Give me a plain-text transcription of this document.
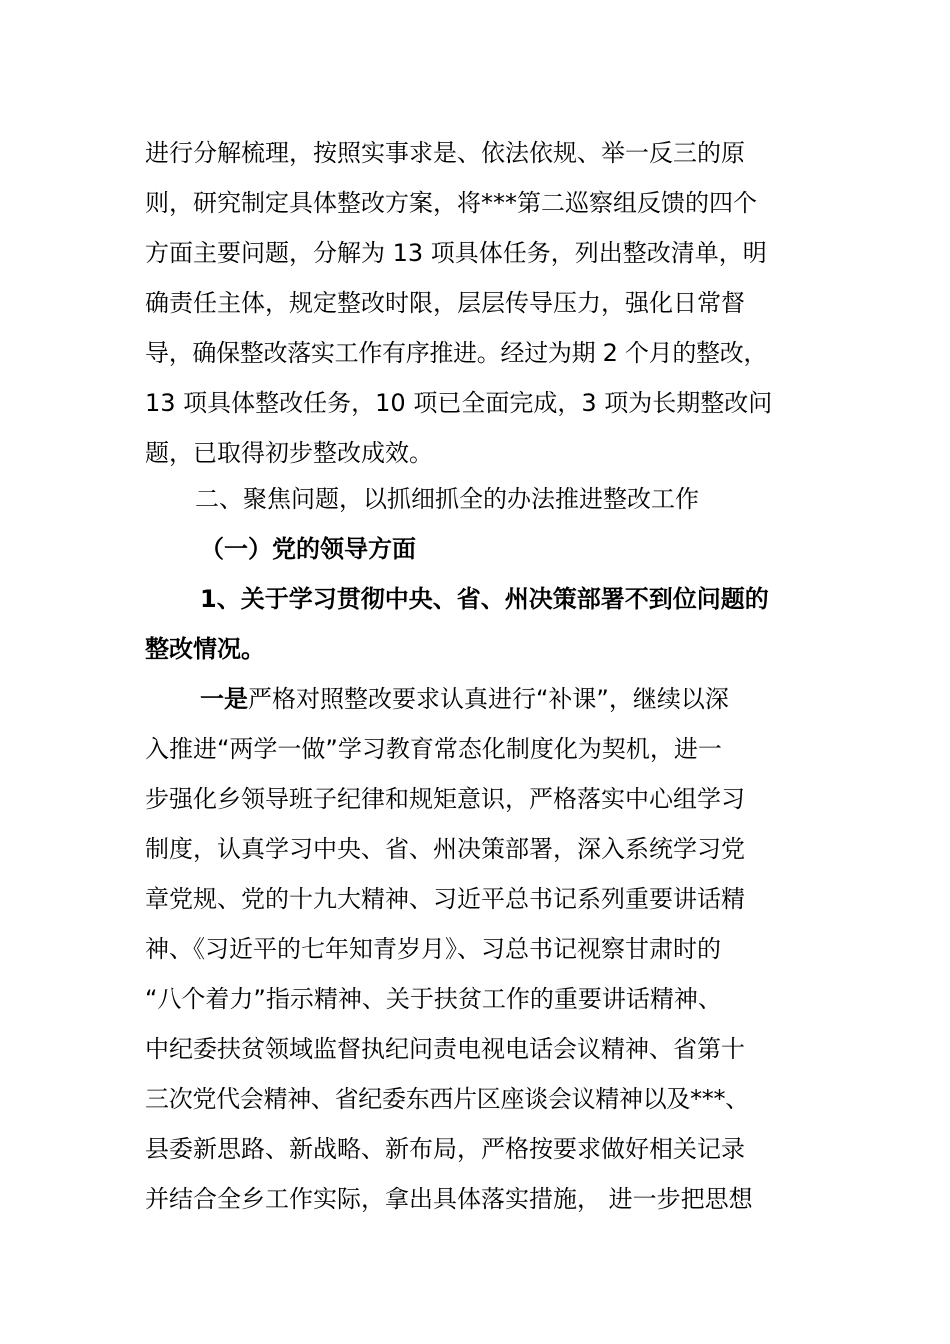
进行分解梳理，按照实事求是、依法依规、举一反三的原
则，研究制定具体整改方案，将***第二巡察组反馈的四个
方面主要问题，分解为 13 项具体任务，列出整改清单，明
确责任主体，规定整改时限，层层传导压力，强化日常督
导，确保整改落实工作有序推进。经过为期 2 个月的整改，
13 项具体整改任务，10 项已全面完成，3 项为长期整改问
题，已取得初步整改成效。
二、聚焦问题，以抓细抓全的办法推进整改工作
（一）党的领导方面
1、关于学习贯彻中央、省、州决策部署不到位问题的
整改情况。
一是严格对照整改要求认真进行“补课”，继续以深
入推进“两学一做”学习教育常态化制度化为契机，进一
步强化乡领导班子纪律和规矩意识，严格落实中心组学习
制度，认真学习中央、省、州决策部署，深入系统学习党
章党规、党的十九大精神、习近平总书记系列重要讲话精
神、《习近平的七年知青岁月》、习总书记视察甘肃时的
“八个着力”指示精神、关于扶贫工作的重要讲话精神、
中纪委扶贫领域监督执纪问责电视电话会议精神、省第十
三次党代会精神、省纪委东西片区座谈会议精神以及***、
县委新思路、新战略、新布局，严格按要求做好相关记录
并结合全乡工作实际，拿出具体落实措施， 进一步把思想
